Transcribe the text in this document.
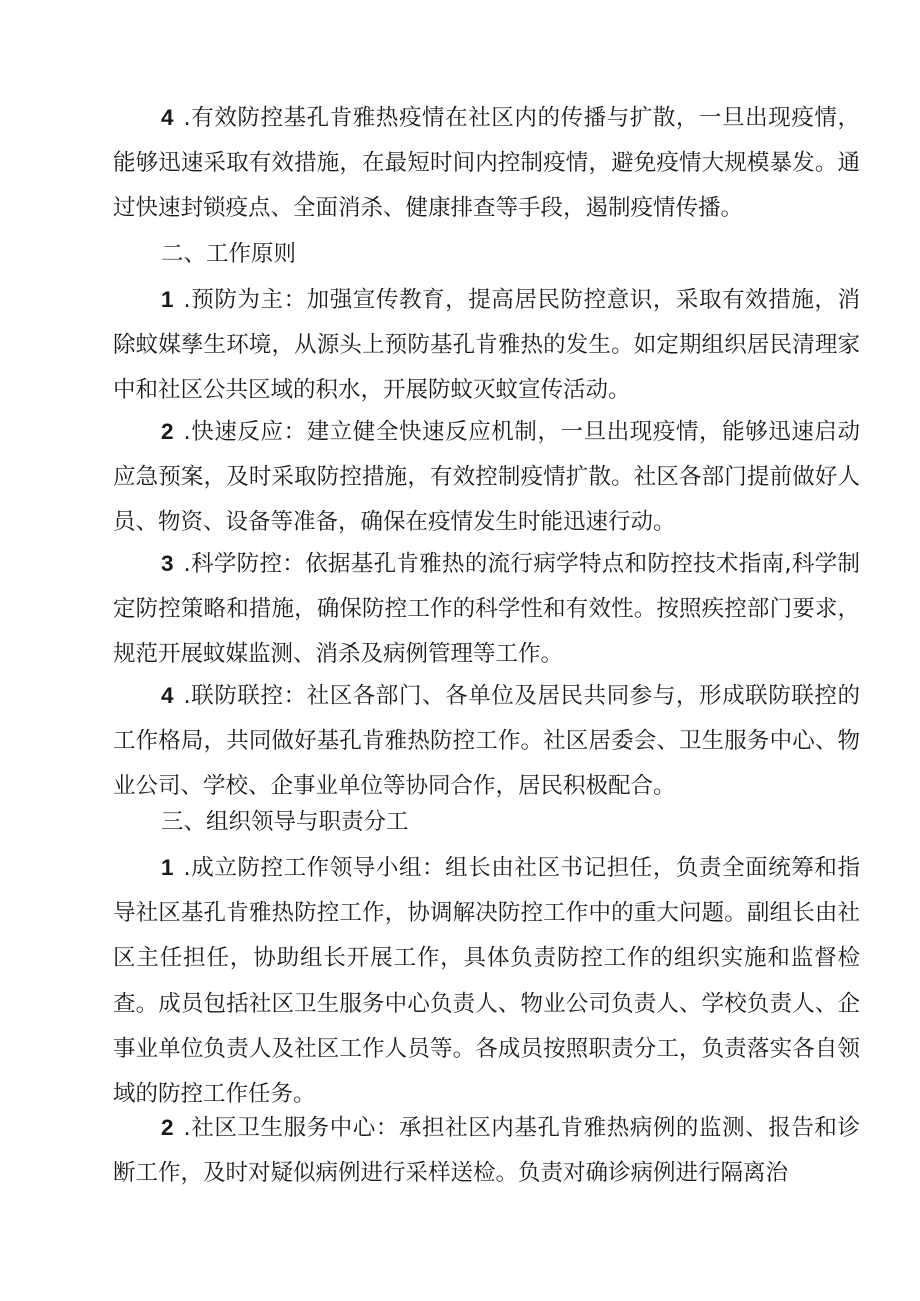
4 .有效防控基孔肯雅热疫情在社区内的传播与扩散，一旦出现疫情，能够迅速采取有效措施，在最短时间内控制疫情，避免疫情大规模暴发。通过快速封锁疫点、全面消杀、健康排查等手段，遏制疫情传播。

二、工作原则

1 .预防为主：加强宣传教育，提高居民防控意识，采取有效措施，消除蚊媒孳生环境，从源头上预防基孔肯雅热的发生。如定期组织居民清理家中和社区公共区域的积水，开展防蚊灭蚊宣传活动。

2 .快速反应：建立健全快速反应机制，一旦出现疫情，能够迅速启动应急预案，及时采取防控措施，有效控制疫情扩散。社区各部门提前做好人员、物资、设备等准备，确保在疫情发生时能迅速行动。

3 .科学防控：依据基孔肯雅热的流行病学特点和防控技术指南,科学制定防控策略和措施，确保防控工作的科学性和有效性。按照疾控部门要求，规范开展蚊媒监测、消杀及病例管理等工作。

4 .联防联控：社区各部门、各单位及居民共同参与，形成联防联控的工作格局，共同做好基孔肯雅热防控工作。社区居委会、卫生服务中心、物业公司、学校、企事业单位等协同合作，居民积极配合。

三、组织领导与职责分工

1 .成立防控工作领导小组：组长由社区书记担任，负责全面统筹和指导社区基孔肯雅热防控工作，协调解决防控工作中的重大问题。副组长由社区主任担任，协助组长开展工作，具体负责防控工作的组织实施和监督检查。成员包括社区卫生服务中心负责人、物业公司负责人、学校负责人、企事业单位负责人及社区工作人员等。各成员按照职责分工，负责落实各自领域的防控工作任务。

2 .社区卫生服务中心：承担社区内基孔肯雅热病例的监测、报告和诊断工作，及时对疑似病例进行采样送检。负责对确诊病例进行隔离治
